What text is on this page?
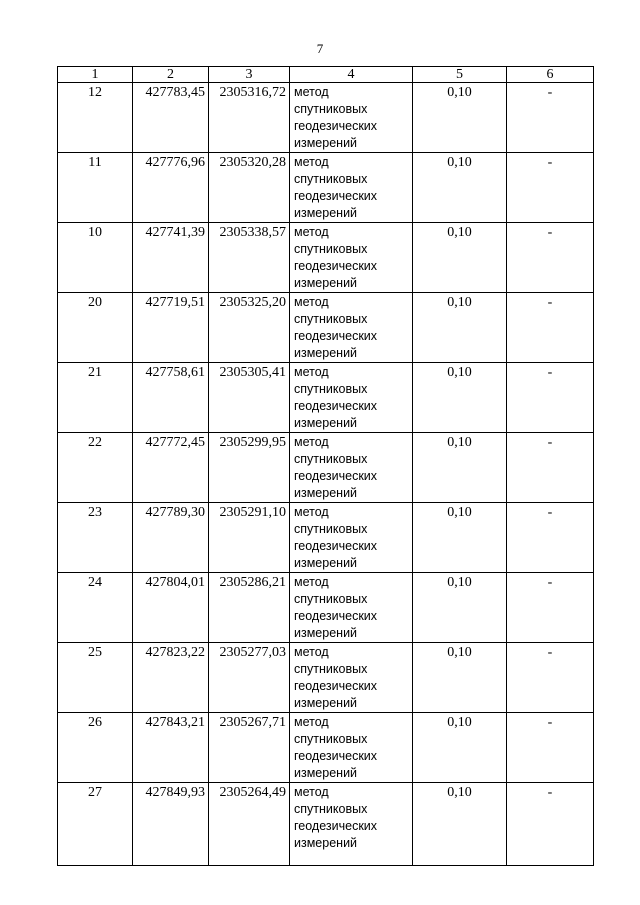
7
1	2	3	4	5	6
12	427783,45	2305316,72	метод
спутниковых
геодезических
измерений	0,10	-
11	427776,96	2305320,28	метод
спутниковых
геодезических
измерений	0,10	-
10	427741,39	2305338,57	метод
спутниковых
геодезических
измерений	0,10	-
20	427719,51	2305325,20	метод
спутниковых
геодезических
измерений	0,10	-
21	427758,61	2305305,41	метод
спутниковых
геодезических
измерений	0,10	-
22	427772,45	2305299,95	метод
спутниковых
геодезических
измерений	0,10	-
23	427789,30	2305291,10	метод
спутниковых
геодезических
измерений	0,10	-
24	427804,01	2305286,21	метод
спутниковых
геодезических
измерений	0,10	-
25	427823,22	2305277,03	метод
спутниковых
геодезических
измерений	0,10	-
26	427843,21	2305267,71	метод
спутниковых
геодезических
измерений	0,10	-
27	427849,93	2305264,49	метод
спутниковых
геодезических
измерений	0,10	-
